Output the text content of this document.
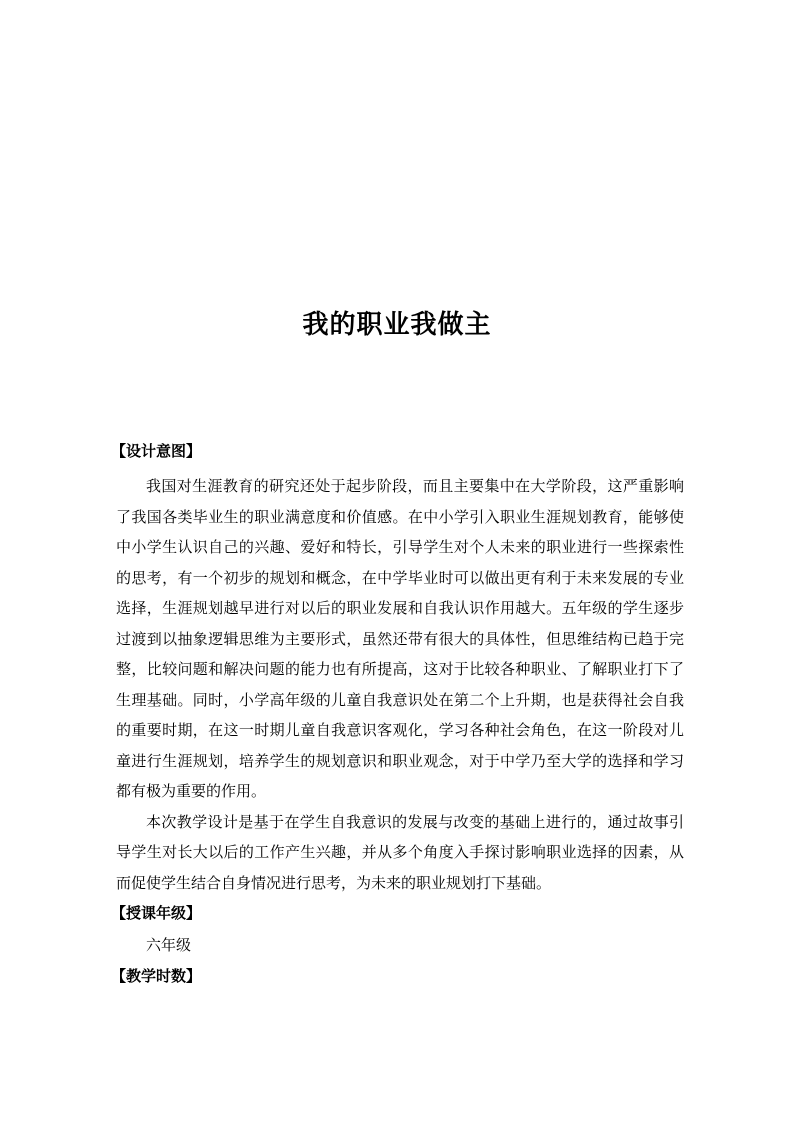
我的职业我做主
【设计意图】

我国对生涯教育的研究还处于起步阶段，而且主要集中在大学阶段，这严重影响了我国各类毕业生的职业满意度和价值感。在中小学引入职业生涯规划教育，能够使中小学生认识自己的兴趣、爱好和特长，引导学生对个人未来的职业进行一些探索性的思考，有一个初步的规划和概念，在中学毕业时可以做出更有利于未来发展的专业选择，生涯规划越早进行对以后的职业发展和自我认识作用越大。五年级的学生逐步过渡到以抽象逻辑思维为主要形式，虽然还带有很大的具体性，但思维结构已趋于完整，比较问题和解决问题的能力也有所提高，这对于比较各种职业、了解职业打下了生理基础。同时，小学高年级的儿童自我意识处在第二个上升期，也是获得社会自我的重要时期，在这一时期儿童自我意识客观化，学习各种社会角色，在这一阶段对儿童进行生涯规划，培养学生的规划意识和职业观念，对于中学乃至大学的选择和学习都有极为重要的作用。

本次教学设计是基于在学生自我意识的发展与改变的基础上进行的，通过故事引导学生对长大以后的工作产生兴趣，并从多个角度入手探讨影响职业选择的因素，从而促使学生结合自身情况进行思考，为未来的职业规划打下基础。

【授课年级】
六年级
【教学时数】
